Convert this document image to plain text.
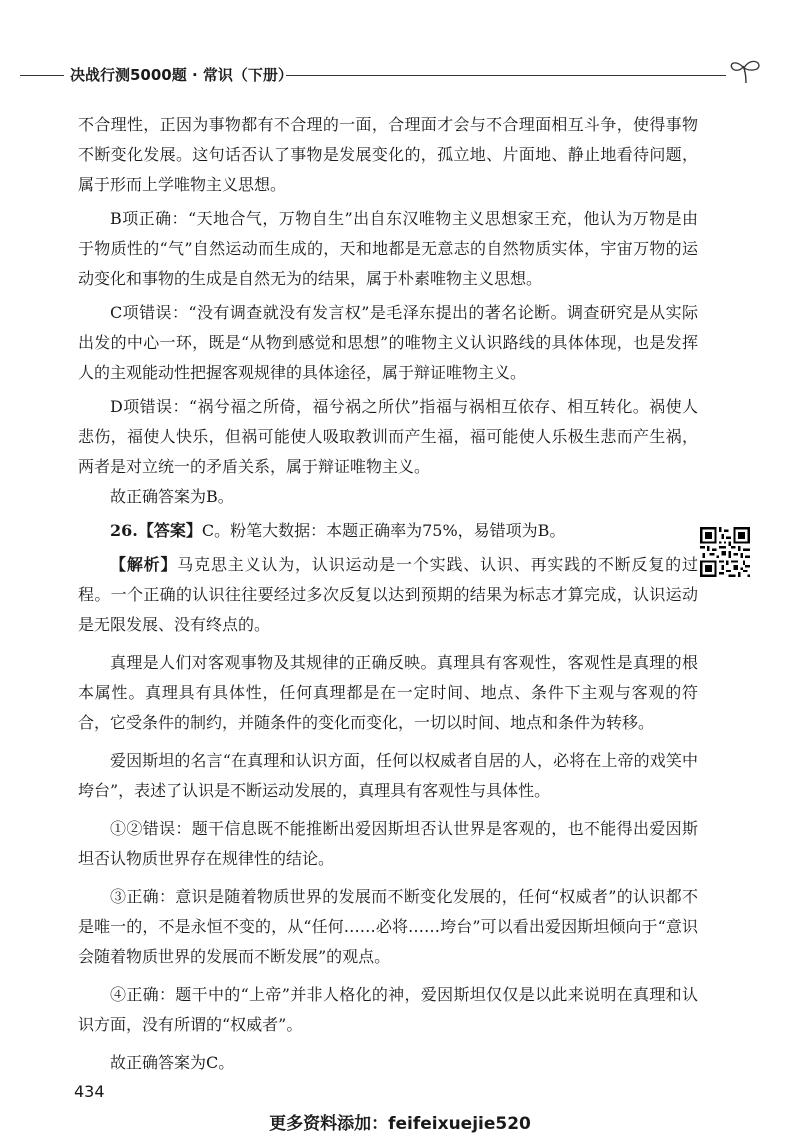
决战行测5000题 · 常识（下册）

不合理性，正因为事物都有不合理的一面，合理面才会与不合理面相互斗争，使得事物不断变化发展。这句话否认了事物是发展变化的，孤立地、片面地、静止地看待问题，属于形而上学唯物主义思想。

B项正确：“天地合气，万物自生”出自东汉唯物主义思想家王充，他认为万物是由于物质性的“气”自然运动而生成的，天和地都是无意志的自然物质实体，宇宙万物的运动变化和事物的生成是自然无为的结果，属于朴素唯物主义思想。

C项错误：“没有调查就没有发言权”是毛泽东提出的著名论断。调查研究是从实际出发的中心一环，既是“从物到感觉和思想”的唯物主义认识路线的具体体现，也是发挥人的主观能动性把握客观规律的具体途径，属于辩证唯物主义。

D项错误：“祸兮福之所倚，福兮祸之所伏”指福与祸相互依存、相互转化。祸使人悲伤，福使人快乐，但祸可能使人吸取教训而产生福，福可能使人乐极生悲而产生祸，两者是对立统一的矛盾关系，属于辩证唯物主义。

故正确答案为B。

26.【答案】C。粉笔大数据：本题正确率为75%，易错项为B。

【解析】马克思主义认为，认识运动是一个实践、认识、再实践的不断反复的过程。一个正确的认识往往要经过多次反复以达到预期的结果为标志才算完成，认识运动是无限发展、没有终点的。

真理是人们对客观事物及其规律的正确反映。真理具有客观性，客观性是真理的根本属性。真理具有具体性，任何真理都是在一定时间、地点、条件下主观与客观的符合，它受条件的制约，并随条件的变化而变化，一切以时间、地点和条件为转移。

爱因斯坦的名言“在真理和认识方面，任何以权威者自居的人，必将在上帝的戏笑中垮台”，表述了认识是不断运动发展的，真理具有客观性与具体性。

①②错误：题干信息既不能推断出爱因斯坦否认世界是客观的，也不能得出爱因斯坦否认物质世界存在规律性的结论。

③正确：意识是随着物质世界的发展而不断变化发展的，任何“权威者”的认识都不是唯一的，不是永恒不变的，从“任何……必将……垮台”可以看出爱因斯坦倾向于“意识会随着物质世界的发展而不断发展”的观点。

④正确：题干中的“上帝”并非人格化的神，爱因斯坦仅仅是以此来说明在真理和认识方面，没有所谓的“权威者”。

故正确答案为C。

434
更多资料添加：feifeixuejie520
